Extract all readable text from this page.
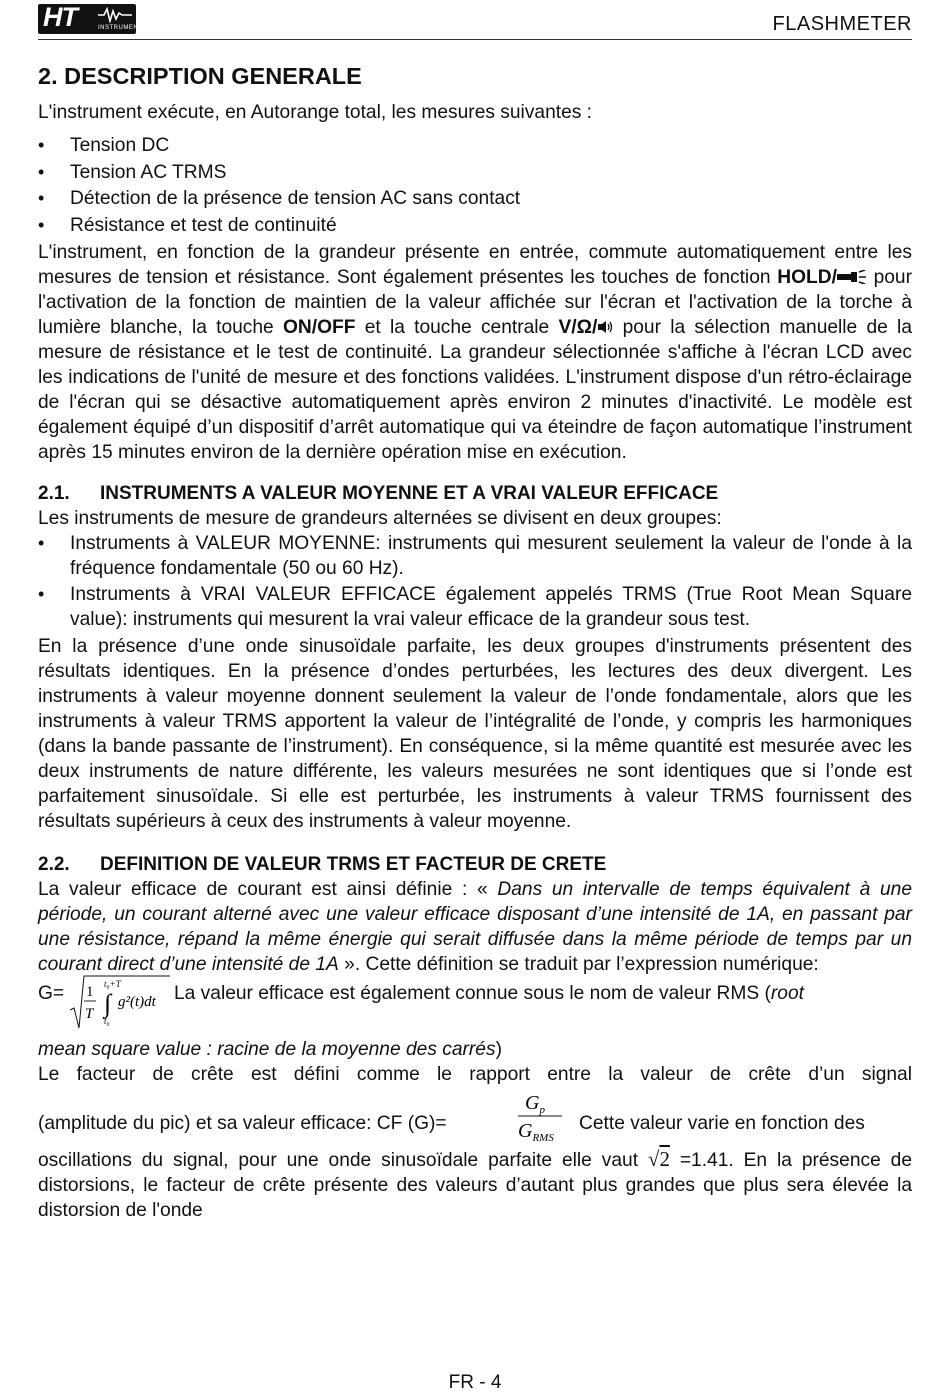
HT	INSTRUMENTS	FLASHMETER
2. DESCRIPTION GENERALE

L'instrument exécute, en Autorange total, les mesures suivantes :

• Tension DC
• Tension AC TRMS
• Détection de la présence de tension AC sans contact
• Résistance et test de continuité

L'instrument, en fonction de la grandeur présente en entrée, commute automatiquement entre les mesures de tension et résistance. Sont également présentes les touches de fonction HOLD/ pour l'activation de la fonction de maintien de la valeur affichée sur l'écran et l'activation de la torche à lumière blanche, la touche ON/OFF et la touche centrale V/Ω/ pour la sélection manuelle de la mesure de résistance et le test de continuité. La grandeur sélectionnée s'affiche à l'écran LCD avec les indications de l'unité de mesure et des fonctions validées. L'instrument dispose d'un rétro-éclairage de l'écran qui se désactive automatiquement après environ 2 minutes d'inactivité. Le modèle est également équipé d’un dispositif d’arrêt automatique qui va éteindre de façon automatique l’instrument après 15 minutes environ de la dernière opération mise en exécution.

2.1. INSTRUMENTS A VALEUR MOYENNE ET A VRAI VALEUR EFFICACE

Les instruments de mesure de grandeurs alternées se divisent en deux groupes:

• Instruments à VALEUR MOYENNE: instruments qui mesurent seulement la valeur de l'onde à la fréquence fondamentale (50 ou 60 Hz).
• Instruments à VRAI VALEUR EFFICACE également appelés TRMS (True Root Mean Square value): instruments qui mesurent la vrai valeur efficace de la grandeur sous test.

En la présence d’une onde sinusoïdale parfaite, les deux groupes d'instruments présentent des résultats identiques. En la présence d’ondes perturbées, les lectures des deux divergent. Les instruments à valeur moyenne donnent seulement la valeur de l’onde fondamentale, alors que les instruments à valeur TRMS apportent la valeur de l’intégralité de l’onde, y compris les harmoniques (dans la bande passante de l’instrument). En conséquence, si la même quantité est mesurée avec les deux instruments de nature différente, les valeurs mesurées ne sont identiques que si l’onde est parfaitement sinusoïdale. Si elle est perturbée, les instruments à valeur TRMS fournissent des résultats supérieurs à ceux des instruments à valeur moyenne.

2.2. DEFINITION DE VALEUR TRMS ET FACTEUR DE CRETE

La valeur efficace de courant est ainsi définie : « Dans un intervalle de temps équivalent à une période, un courant alterné avec une valeur efficace disposant d’une intensité de 1A, en passant par une résistance, répand la même énergie qui serait diffusée dans la même période de temps par un courant direct d’une intensité de 1A ». Cette définition se traduit par l’expression numérique:

G= 1
T
t₀+T
∫
t₀
g²(t)dt La valeur efficace est également connue sous le nom de valeur RMS (root

mean square value : racine de la moyenne des carrés)

Le facteur de crête est défini comme le rapport entre la valeur de crête d’un signal

(amplitude du pic) et sa valeur efficace: CF (G)=
$G_p$
$G_{RMS}$
Cette valeur varie en fonction des

oscillations du signal, pour une onde sinusoïdale parfaite elle vaut √2 =1.41. En la présence de distorsions, le facteur de crête présente des valeurs d’autant plus grandes que plus sera élevée la distorsion de l'onde

FR - 4
